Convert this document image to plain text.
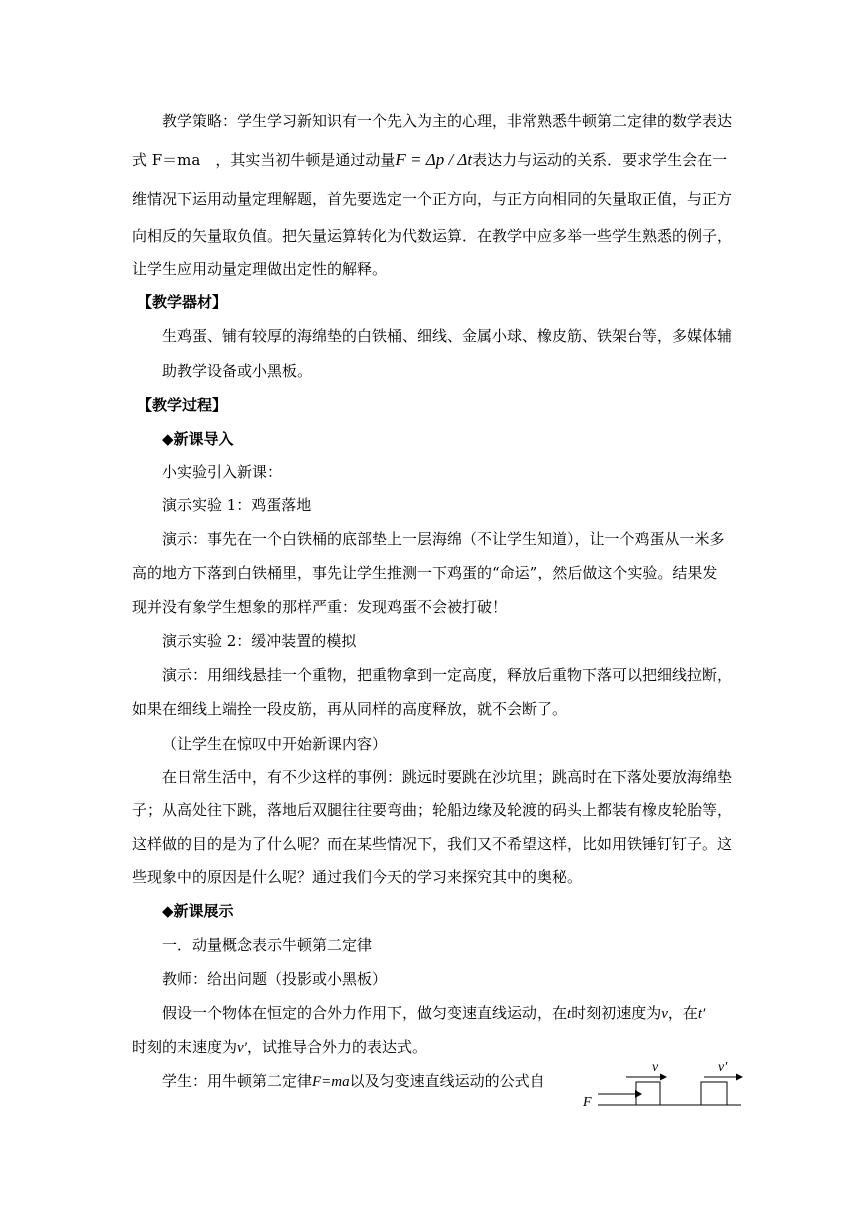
教学策略：学生学习新知识有一个先入为主的心理，非常熟悉牛顿第二定律的数学表达
式 F＝ma　，其实当初牛顿是通过动量F = Δp / Δt表达力与运动的关系．要求学生会在一
维情况下运用动量定理解题，首先要选定一个正方向，与正方向相同的矢量取正值，与正方
向相反的矢量取负值。把矢量运算转化为代数运算．在教学中应多举一些学生熟悉的例子，
让学生应用动量定理做出定性的解释。
【教学器材】
生鸡蛋、铺有较厚的海绵垫的白铁桶、细线、金属小球、橡皮筋、铁架台等，多媒体辅
助教学设备或小黑板。
【教学过程】
◆新课导入
小实验引入新课：
演示实验 1：鸡蛋落地
演示：事先在一个白铁桶的底部垫上一层海绵（不让学生知道），让一个鸡蛋从一米多
高的地方下落到白铁桶里，事先让学生推测一下鸡蛋的“命运”，然后做这个实验。结果发
现并没有象学生想象的那样严重：发现鸡蛋不会被打破！
演示实验 2：缓冲装置的模拟
演示：用细线悬挂一个重物，把重物拿到一定高度，释放后重物下落可以把细线拉断，
如果在细线上端拴一段皮筋，再从同样的高度释放，就不会断了。
（让学生在惊叹中开始新课内容）
在日常生活中，有不少这样的事例：跳远时要跳在沙坑里；跳高时在下落处要放海绵垫
子；从高处往下跳，落地后双腿往往要弯曲；轮船边缘及轮渡的码头上都装有橡皮轮胎等，
这样做的目的是为了什么呢？而在某些情况下，我们又不希望这样，比如用铁锤钉钉子。这
些现象中的原因是什么呢？通过我们今天的学习来探究其中的奥秘。
◆新课展示
一．动量概念表示牛顿第二定律
教师：给出问题（投影或小黑板）
假设一个物体在恒定的合外力作用下，做匀变速直线运动，在t时刻初速度为v，在t′
时刻的末速度为v′，试推导合外力的表达式。
学生：用牛顿第二定律F=ma以及匀变速直线运动的公式自
F
v	v′
